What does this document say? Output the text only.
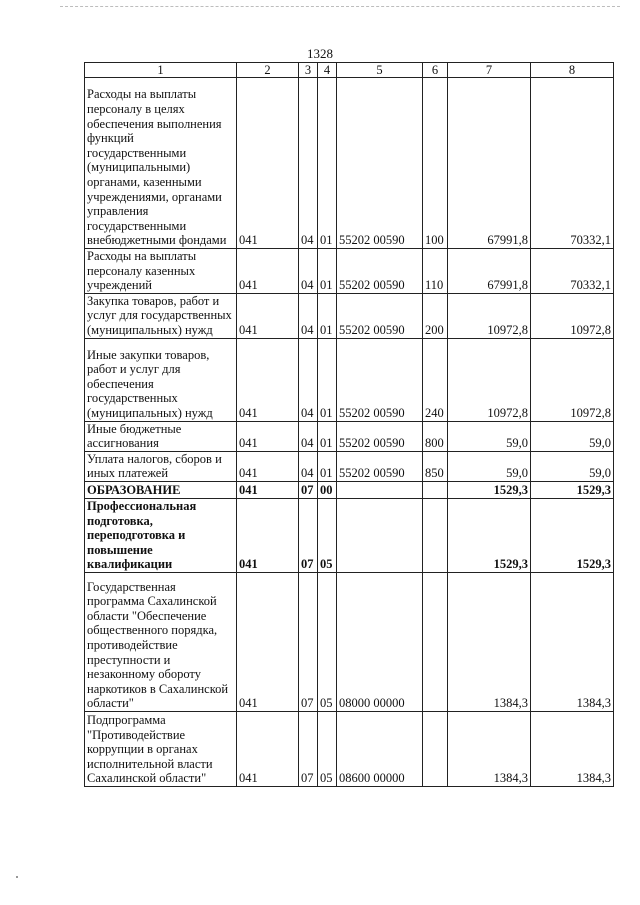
1328
1	2	3	4	5	6	7	8
Расходы на выплаты персоналу в целях обеспечения выполнения функций государственными (муниципальными) органами, казенными учреждениями, органами управления государственными внебюджетными фондами	041	04	01	55202 00590	100	67991,8	70332,1
Расходы на выплаты персоналу казенных учреждений	041	04	01	55202 00590	110	67991,8	70332,1
Закупка товаров, работ и услуг для государственных (муниципальных) нужд	041	04	01	55202 00590	200	10972,8	10972,8
Иные закупки товаров, работ и услуг для обеспечения государственных (муниципальных) нужд	041	04	01	55202 00590	240	10972,8	10972,8
Иные бюджетные ассигнования	041	04	01	55202 00590	800	59,0	59,0
Уплата налогов, сборов и иных платежей	041	04	01	55202 00590	850	59,0	59,0
ОБРАЗОВАНИЕ	041	07	00			1529,3	1529,3
Профессиональная подготовка, переподготовка и повышение квалификации	041	07	05			1529,3	1529,3
Государственная программа Сахалинской области "Обеспечение общественного порядка, противодействие преступности и незаконному обороту наркотиков в Сахалинской области"	041	07	05	08000 00000		1384,3	1384,3
Подпрограмма "Противодействие коррупции в органах исполнительной власти Сахалинской области"	041	07	05	08600 00000		1384,3	1384,3
